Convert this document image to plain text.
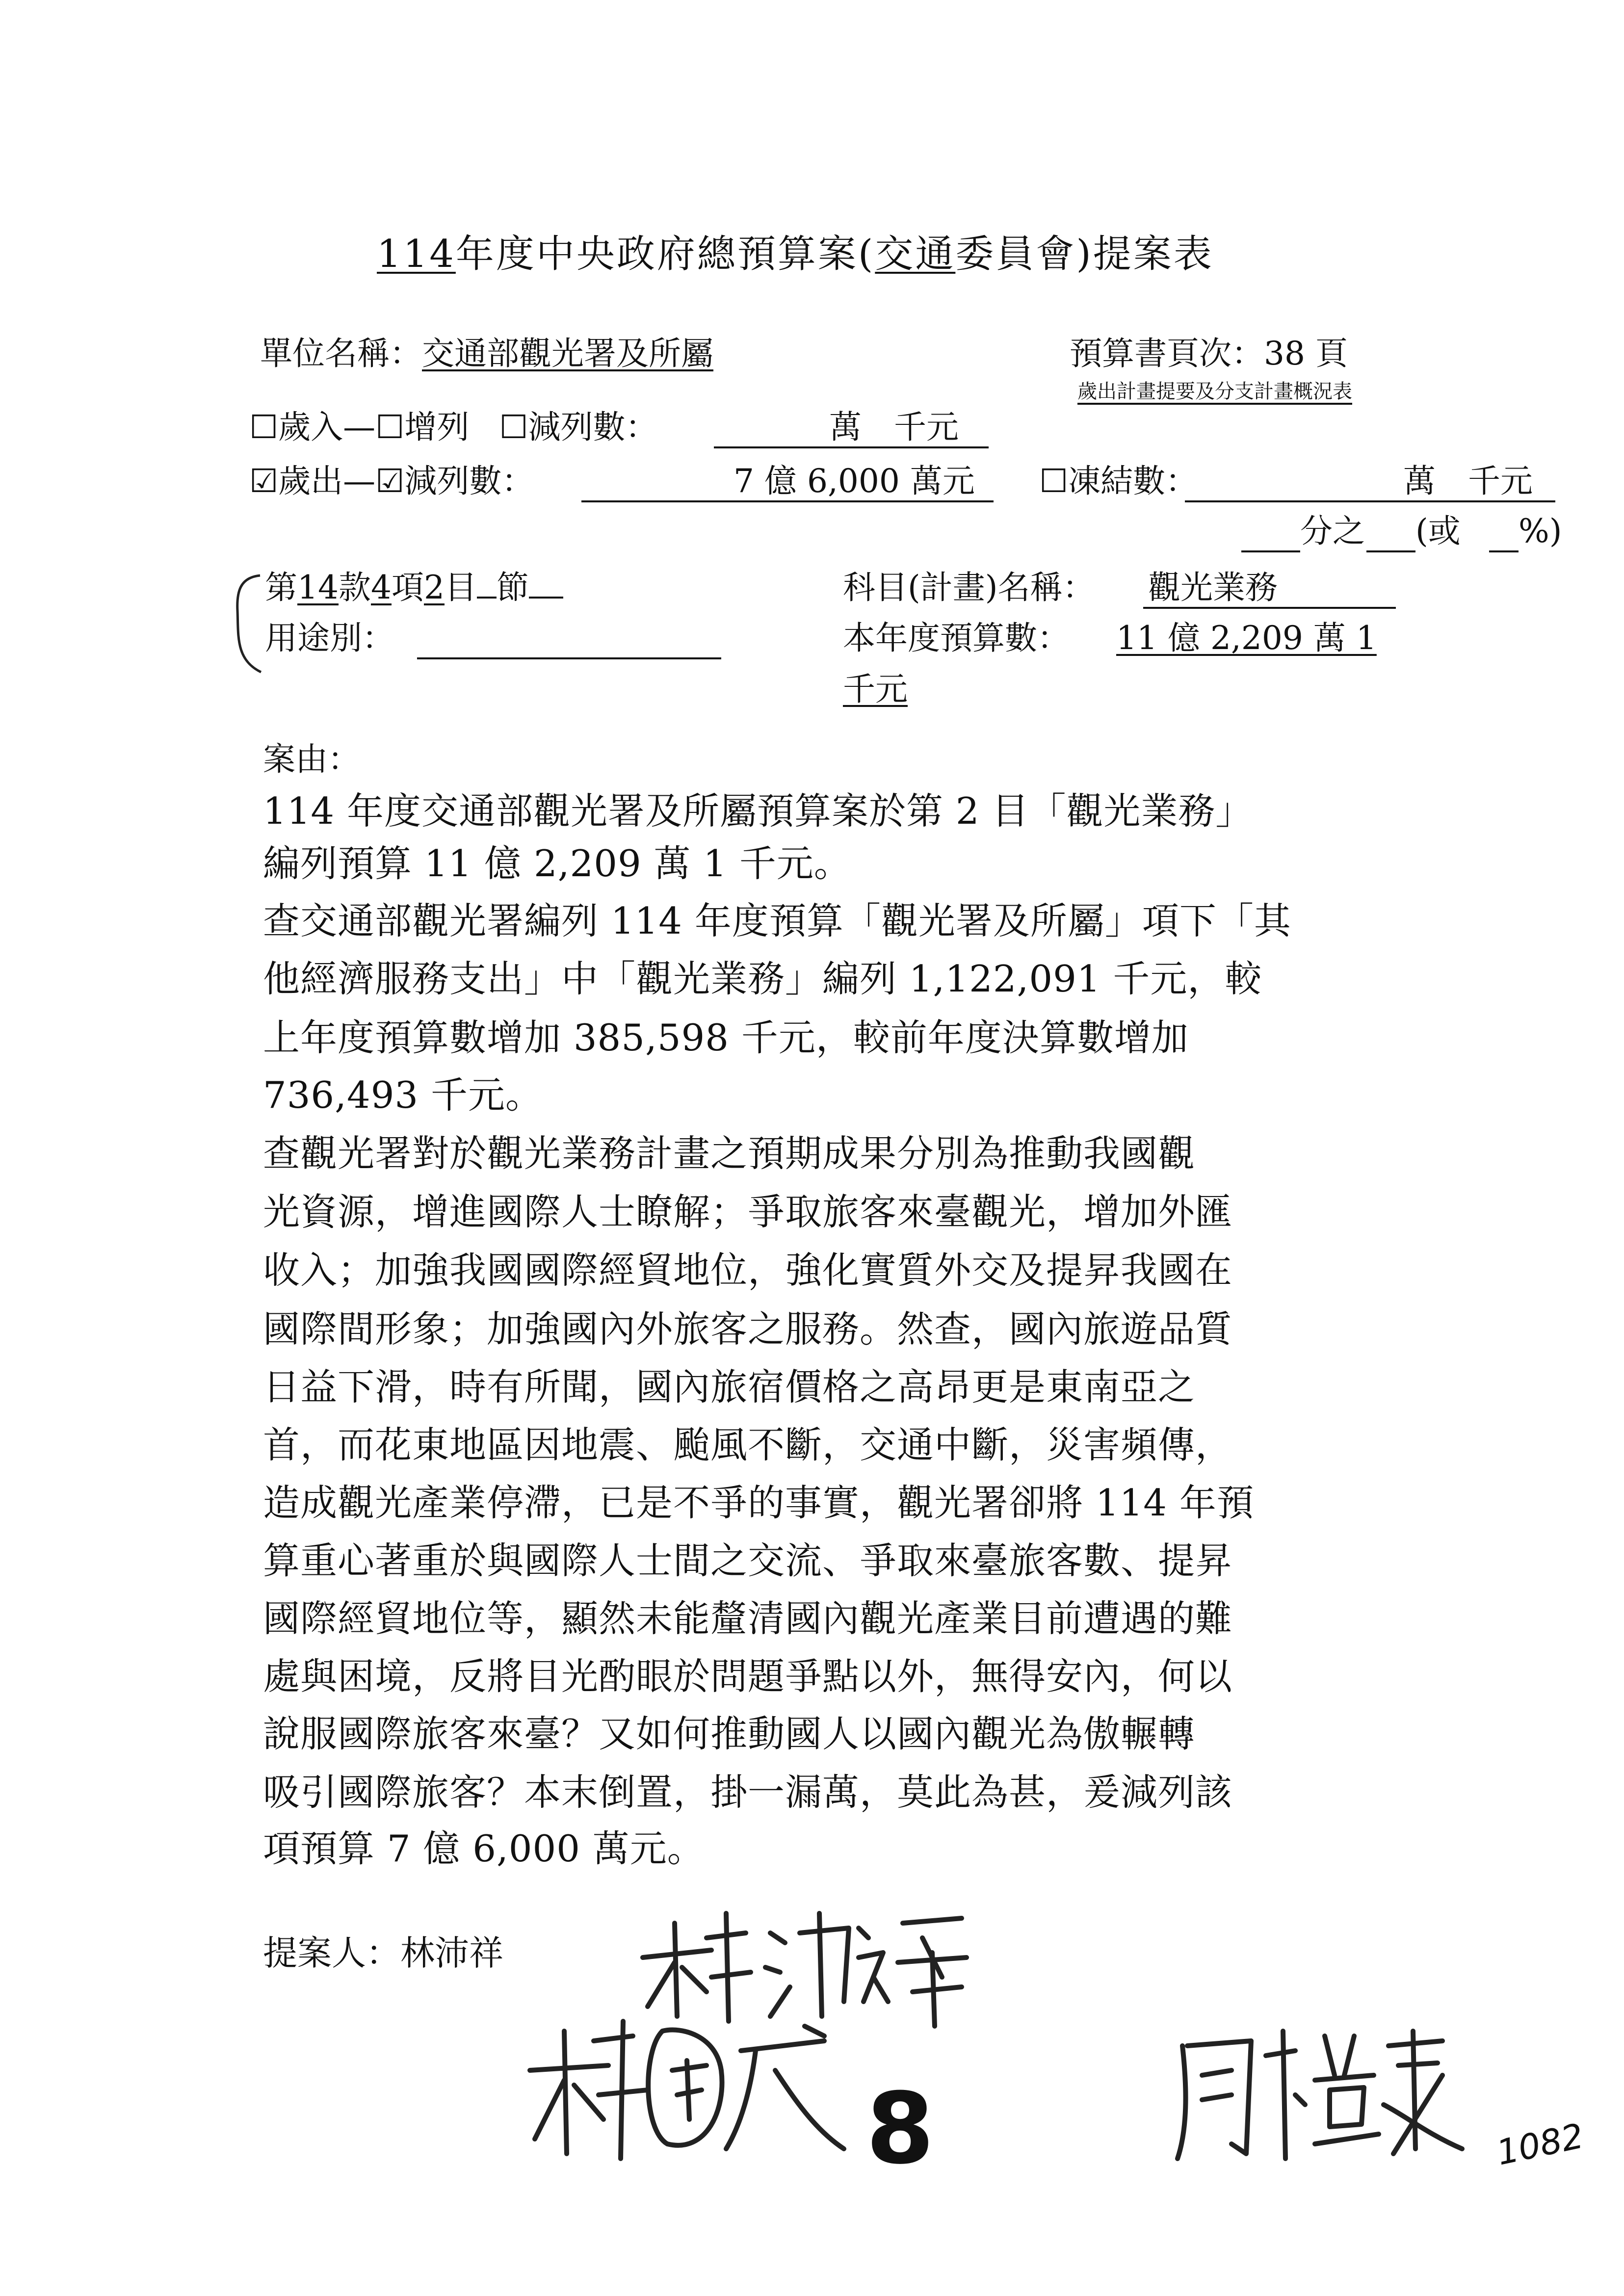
114年度中央政府總預算案(交通委員會)提案表
單位名稱：交通部觀光署及所屬	預算書頁次：38 頁
歲出計畫提要及分支計畫概況表
☐歲入—☐增列 ☐減列數：	萬　千元
☑歲出—☑減列數：	7 億 6,000 萬元 ☐凍結數：	萬　千元
分之 (或 %)
第14款4項2目 節
用途別：
科目(計畫)名稱： 觀光業務
本年度預算數： 11 億 2,209 萬 1
千元
案由：
114 年度交通部觀光署及所屬預算案於第 2 目「觀光業務」
編列預算 11 億 2,209 萬 1 千元。
查交通部觀光署編列 114 年度預算「觀光署及所屬」項下「其
他經濟服務支出」中「觀光業務」編列 1,122,091 千元，較
上年度預算數增加 385,598 千元，較前年度決算數增加
736,493 千元。
查觀光署對於觀光業務計畫之預期成果分別為推動我國觀
光資源，增進國際人士瞭解；爭取旅客來臺觀光，增加外匯
收入；加強我國國際經貿地位，強化實質外交及提昇我國在
國際間形象；加強國內外旅客之服務。然查，國內旅遊品質
日益下滑，時有所聞，國內旅宿價格之高昂更是東南亞之
首，而花東地區因地震、颱風不斷，交通中斷，災害頻傳，
造成觀光產業停滯，已是不爭的事實，觀光署卻將 114 年預
算重心著重於與國際人士間之交流、爭取來臺旅客數、提昇
國際經貿地位等，顯然未能釐清國內觀光產業目前遭遇的難
處與困境，反將目光酌眼於問題爭點以外，無得安內，何以
說服國際旅客來臺？又如何推動國人以國內觀光為傲輾轉
吸引國際旅客？本末倒置，掛一漏萬，莫此為甚，爰減列該
項預算 7 億 6,000 萬元。
提案人：林沛祥
8	1082
